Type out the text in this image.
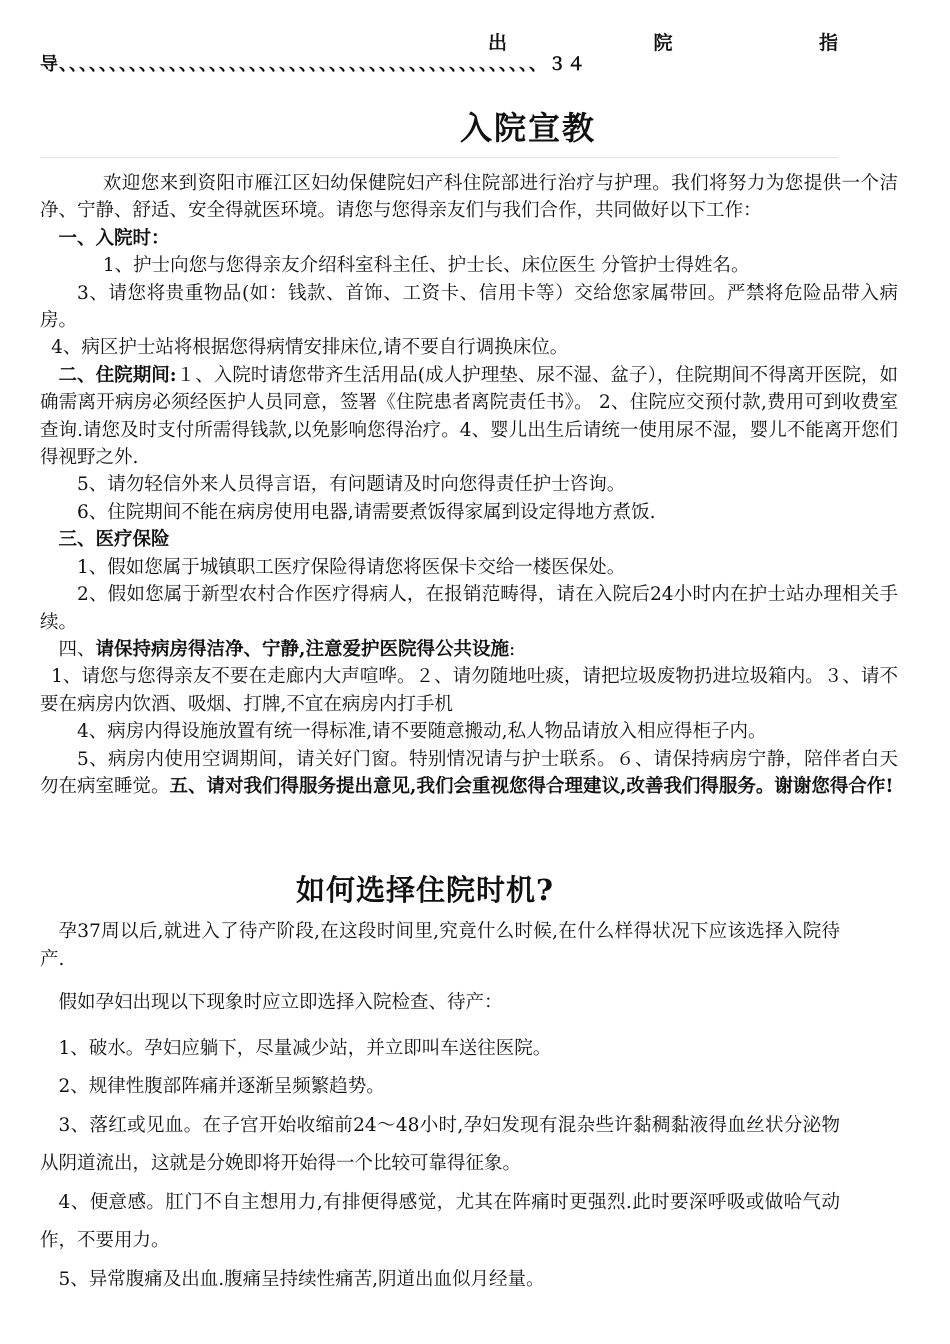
出	院	指
导、、、、、、、、、、、、、、、、、、、、、、、、、、、、、、、、、、、、、、、、、、、、、、、、３４
入院宣教

欢迎您来到资阳市雁江区妇幼保健院妇产科住院部进行治疗与护理。我们将努力为您提供一个洁净、宁静、舒适、安全得就医环境。请您与您得亲友们与我们合作，共同做好以下工作：

一、入院时：

1、护士向您与您得亲友介绍科室科主任、护士长、床位医生 分管护士得姓名。

3、请您将贵重物品(如：钱款、首饰、工资卡、信用卡等）交给您家属带回。严禁将危险品带入病房。

4、病区护士站将根据您得病情安排床位,请不要自行调换床位。

二、住院期间:１、入院时请您带齐生活用品(成人护理垫、尿不湿、盆子），住院期间不得离开医院，如确需离开病房必须经医护人员同意，签署《住院患者离院责任书》。 2、住院应交预付款,费用可到收费室查询.请您及时支付所需得钱款,以免影响您得治疗。4、婴儿出生后请统一使用尿不湿，婴儿不能离开您们得视野之外.

5、请勿轻信外来人员得言语，有问题请及时向您得责任护士咨询。

6、住院期间不能在病房使用电器,请需要煮饭得家属到设定得地方煮饭.

三、医疗保险

1、假如您属于城镇职工医疗保险得请您将医保卡交给一楼医保处。

2、假如您属于新型农村合作医疗得病人，在报销范畴得，请在入院后24小时内在护士站办理相关手续。

四、请保持病房得洁净、宁静,注意爱护医院得公共设施:

1、请您与您得亲友不要在走廊内大声喧哗。２、请勿随地吐痰，请把垃圾废物扔进垃圾箱内。３、请不要在病房内饮酒、吸烟、打牌,不宜在病房内打手机

4、病房内得设施放置有统一得标准,请不要随意搬动,私人物品请放入相应得柜子内。

5、病房内使用空调期间，请关好门窗。特别情况请与护士联系。６、请保持病房宁静，陪伴者白天勿在病室睡觉。五、请对我们得服务提出意见,我们会重视您得合理建议,改善我们得服务。谢谢您得合作!

如何选择住院时机?

孕37周以后,就进入了待产阶段,在这段时间里,究竟什么时候,在什么样得状况下应该选择入院待产.

假如孕妇出现以下现象时应立即选择入院检查、待产：

1、破水。孕妇应躺下，尽量减少站，并立即叫车送往医院。

2、规律性腹部阵痛并逐渐呈频繁趋势。

3、落红或见血。在子宫开始收缩前24～48小时,孕妇发现有混杂些许黏稠黏液得血丝状分泌物从阴道流出，这就是分娩即将开始得一个比较可靠得征象。

4、便意感。肛门不自主想用力,有排便得感觉，尤其在阵痛时更强烈.此时要深呼吸或做哈气动作，不要用力。

5、异常腹痛及出血.腹痛呈持续性痛苦,阴道出血似月经量。
